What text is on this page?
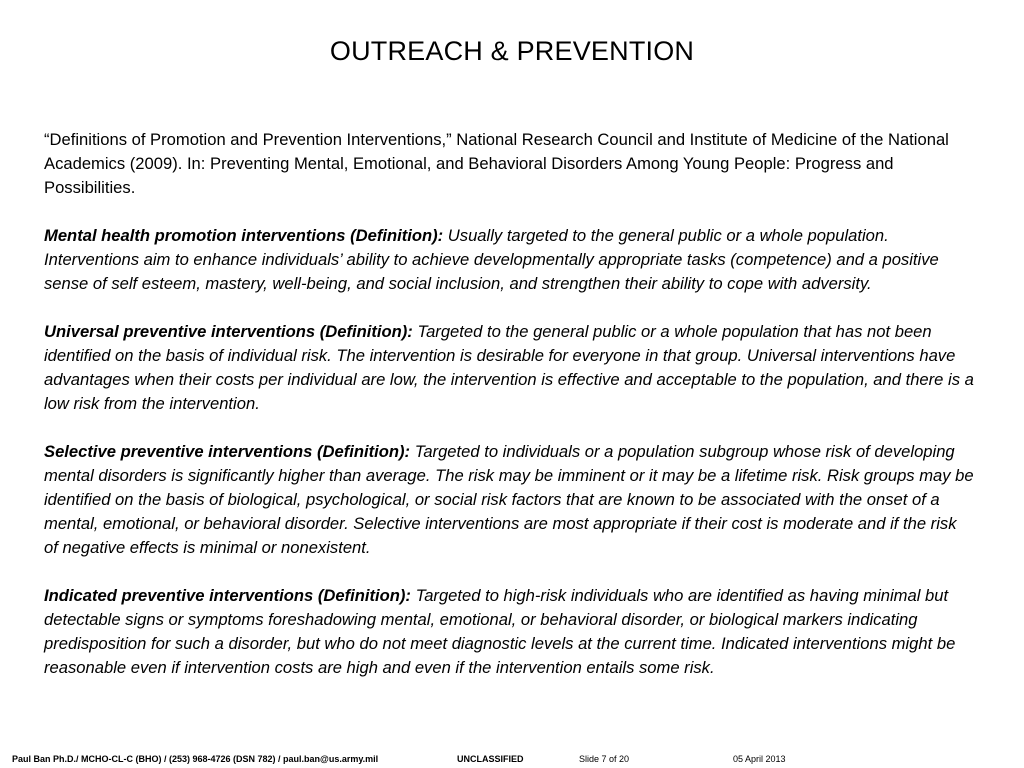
OUTREACH & PREVENTION

“Definitions of Promotion and Prevention Interventions,” National Research Council and Institute of Medicine of the National Academics (2009). In: Preventing Mental, Emotional, and Behavioral Disorders Among Young People: Progress and Possibilities.

Mental health promotion interventions (Definition): Usually targeted to the general public or a whole population. Interventions aim to enhance individuals’ ability to achieve developmentally appropriate tasks (competence) and a positive sense of self esteem, mastery, well-being, and social inclusion, and strengthen their ability to cope with adversity.

Universal preventive interventions (Definition): Targeted to the general public or a whole population that has not been identified on the basis of individual risk. The intervention is desirable for everyone in that group. Universal interventions have advantages when their costs per individual are low, the intervention is effective and acceptable to the population, and there is a low risk from the intervention.

Selective preventive interventions (Definition): Targeted to individuals or a population subgroup whose risk of developing mental disorders is significantly higher than average. The risk may be imminent or it may be a lifetime risk. Risk groups may be identified on the basis of biological, psychological, or social risk factors that are known to be associated with the onset of a mental, emotional, or behavioral disorder. Selective interventions are most appropriate if their cost is moderate and if the risk of negative effects is minimal or nonexistent.

Indicated preventive interventions (Definition): Targeted to high-risk individuals who are identified as having minimal but detectable signs or symptoms foreshadowing mental, emotional, or behavioral disorder, or biological markers indicating predisposition for such a disorder, but who do not meet diagnostic levels at the current time. Indicated interventions might be reasonable even if intervention costs are high and even if the intervention entails some risk.

Paul Ban Ph.D./ MCHO-CL-C (BHO) / (253) 968-4726 (DSN 782) / paul.ban@us.army.mil	UNCLASSIFIED	Slide 7 of 20	05 April 2013
